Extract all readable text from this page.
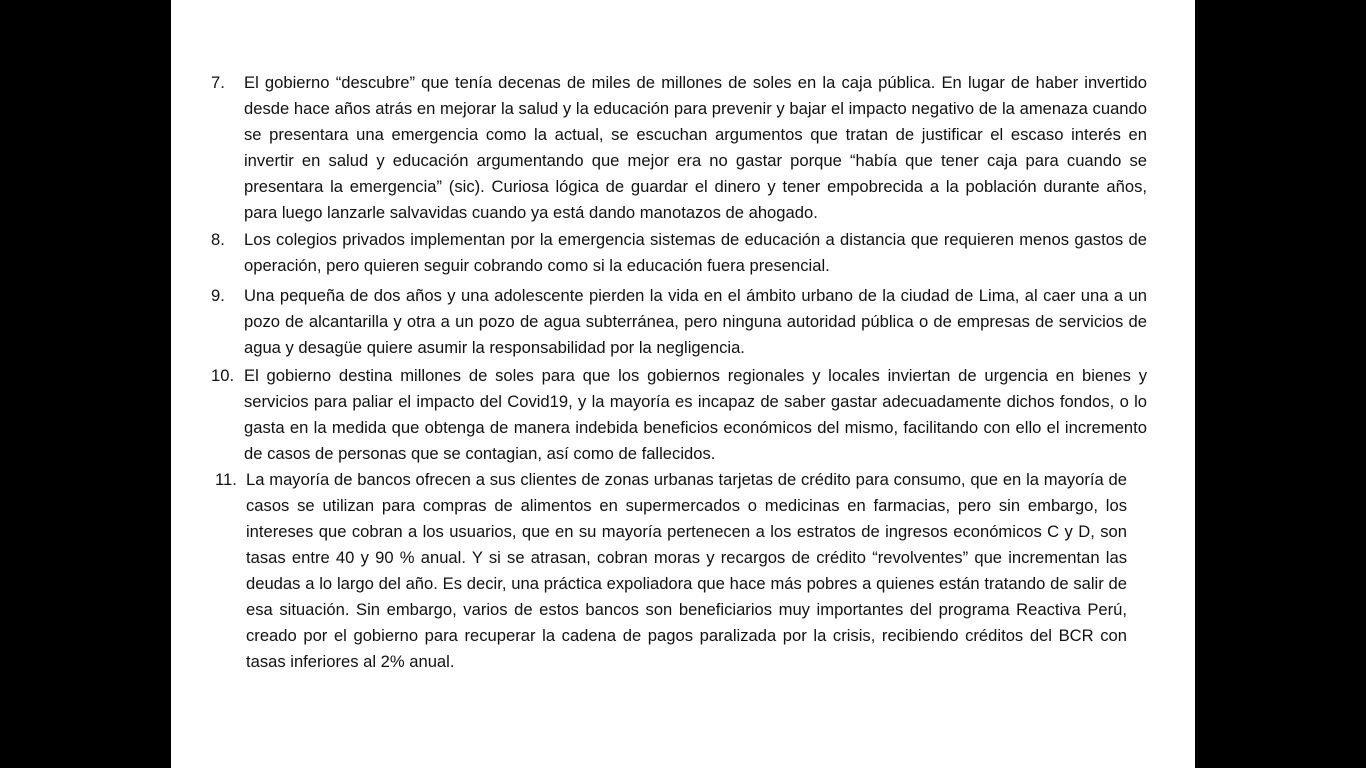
7.	El gobierno “descubre” que tenía decenas de miles de millones de soles en la caja pública. En lugar de haber invertido desde hace años atrás en mejorar la salud y la educación para prevenir y bajar el impacto negativo de la amenaza cuando se presentara una emergencia como la actual, se escuchan argumentos que tratan de justificar el escaso interés en invertir en salud y educación argumentando que mejor era no gastar porque “había que tener caja para cuando se presentara la emergencia” (sic). Curiosa lógica de guardar el dinero y tener empobrecida a la población durante años, para luego lanzarle salvavidas cuando ya está dando manotazos de ahogado.
8.	Los colegios privados implementan por la emergencia sistemas de educación a distancia que requieren menos gastos de operación, pero quieren seguir cobrando como si la educación fuera presencial.
9.	Una pequeña de dos años y una adolescente pierden la vida en el ámbito urbano de la ciudad de Lima, al caer una a un pozo de alcantarilla y otra a un pozo de agua subterránea, pero ninguna autoridad pública o de empresas de servicios de agua y desagüe quiere asumir la responsabilidad por la negligencia.
10. El gobierno destina millones de soles para que los gobiernos regionales y locales inviertan de urgencia en bienes y servicios para paliar el impacto del Covid19, y la mayoría es incapaz de saber gastar adecuadamente dichos fondos, o lo gasta en la medida que obtenga de manera indebida beneficios económicos del mismo, facilitando con ello el incremento de casos de personas que se contagian, así como de fallecidos.
11. La mayoría de bancos ofrecen a sus clientes de zonas urbanas tarjetas de crédito para consumo, que en la mayoría de casos se utilizan para compras de alimentos en supermercados o medicinas en farmacias, pero sin embargo, los intereses que cobran a los usuarios, que en su mayoría pertenecen a los estratos de ingresos económicos C y D, son tasas entre 40 y 90 % anual. Y si se atrasan, cobran moras y recargos de crédito “revolventes” que incrementan las deudas a lo largo del año. Es decir, una práctica expoliadora que hace más pobres a quienes están tratando de salir de esa situación. Sin embargo, varios de estos bancos son beneficiarios muy importantes del programa Reactiva Perú, creado por el gobierno para recuperar la cadena de pagos paralizada por la crisis, recibiendo créditos del BCR con tasas inferiores al 2% anual.
